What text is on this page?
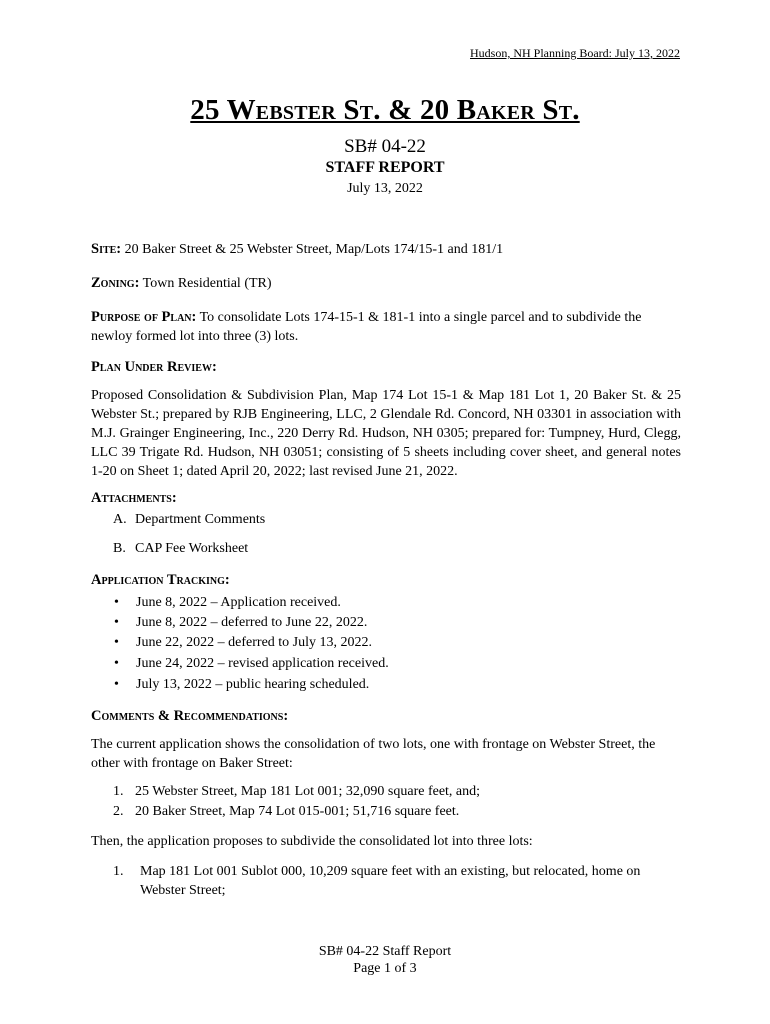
Hudson, NH Planning Board: July 13, 2022
25 Webster St. & 20 Baker St.
SB# 04-22
STAFF REPORT
July 13, 2022
Site: 20 Baker Street & 25 Webster Street, Map/Lots 174/15-1 and 181/1
Zoning: Town Residential (TR)
Purpose of Plan: To consolidate Lots 174-15-1 & 181-1 into a single parcel and to subdivide the newloy formed lot into three (3) lots.
Plan Under Review:
Proposed Consolidation & Subdivision Plan, Map 174 Lot 15-1 & Map 181 Lot 1, 20 Baker St. & 25 Webster St.; prepared by RJB Engineering, LLC, 2 Glendale Rd. Concord, NH 03301 in association with M.J. Grainger Engineering, Inc., 220 Derry Rd. Hudson, NH 0305; prepared for: Tumpney, Hurd, Clegg, LLC 39 Trigate Rd. Hudson, NH 03051; consisting of 5 sheets including cover sheet, and general notes 1-20 on Sheet 1; dated April 20, 2022; last revised June 21, 2022.
Attachments:
A. Department Comments
B. CAP Fee Worksheet
Application Tracking:
• June 8, 2022 – Application received.
• June 8, 2022 – deferred to June 22, 2022.
• June 22, 2022 – deferred to July 13, 2022.
• June 24, 2022 – revised application received.
• July 13, 2022 – public hearing scheduled.
Comments & Recommendations:
The current application shows the consolidation of two lots, one with frontage on Webster Street, the other with frontage on Baker Street:
1. 25 Webster Street, Map 181 Lot 001; 32,090 square feet, and;
2. 20 Baker Street, Map 74 Lot 015-001; 51,716 square feet.
Then, the application proposes to subdivide the consolidated lot into three lots:
1.	Map 181 Lot 001 Sublot 000, 10,209 square feet with an existing, but relocated, home on Webster Street;
SB# 04-22 Staff Report
Page 1 of 3
